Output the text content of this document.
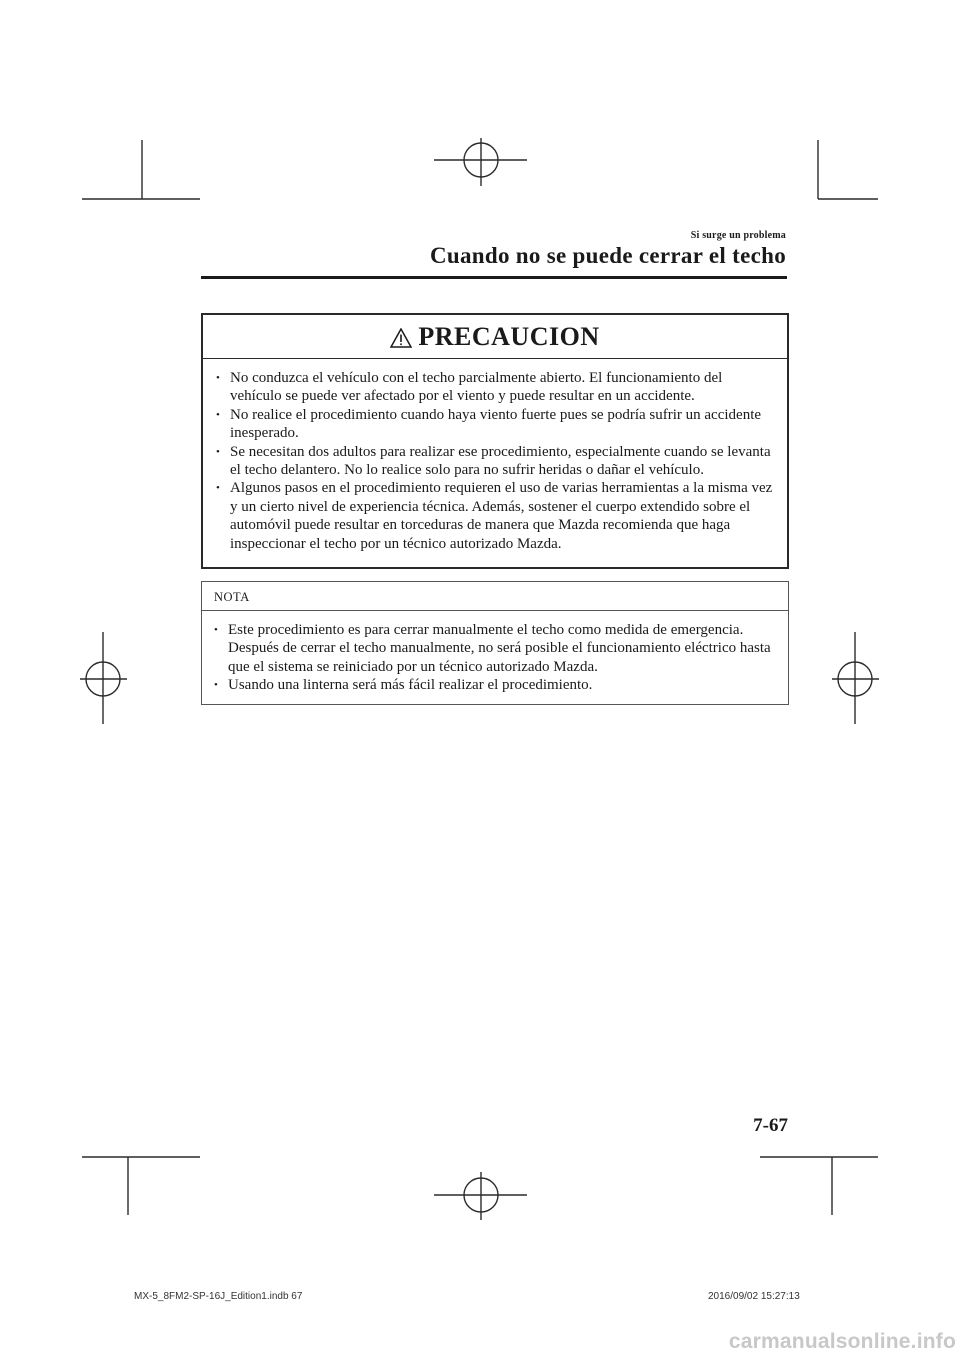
Si surge un problema
Cuando no se puede cerrar el techo
PRECAUCION
• No conduzca el vehículo con el techo parcialmente abierto. El funcionamiento del vehículo se puede ver afectado por el viento y puede resultar en un accidente.
• No realice el procedimiento cuando haya viento fuerte pues se podría sufrir un accidente inesperado.
• Se necesitan dos adultos para realizar ese procedimiento, especialmente cuando se levanta el techo delantero. No lo realice solo para no sufrir heridas o dañar el vehículo.
• Algunos pasos en el procedimiento requieren el uso de varias herramientas a la misma vez y un cierto nivel de experiencia técnica. Además, sostener el cuerpo extendido sobre el automóvil puede resultar en torceduras de manera que Mazda recomienda que haga inspeccionar el techo por un técnico autorizado Mazda.
NOTA
• Este procedimiento es para cerrar manualmente el techo como medida de emergencia. Después de cerrar el techo manualmente, no será posible el funcionamiento eléctrico hasta que el sistema se reiniciado por un técnico autorizado Mazda.
• Usando una linterna será más fácil realizar el procedimiento.
7-67
MX-5_8FM2-SP-16J_Edition1.indb 67	2016/09/02 15:27:13
carmanualsonline.info
